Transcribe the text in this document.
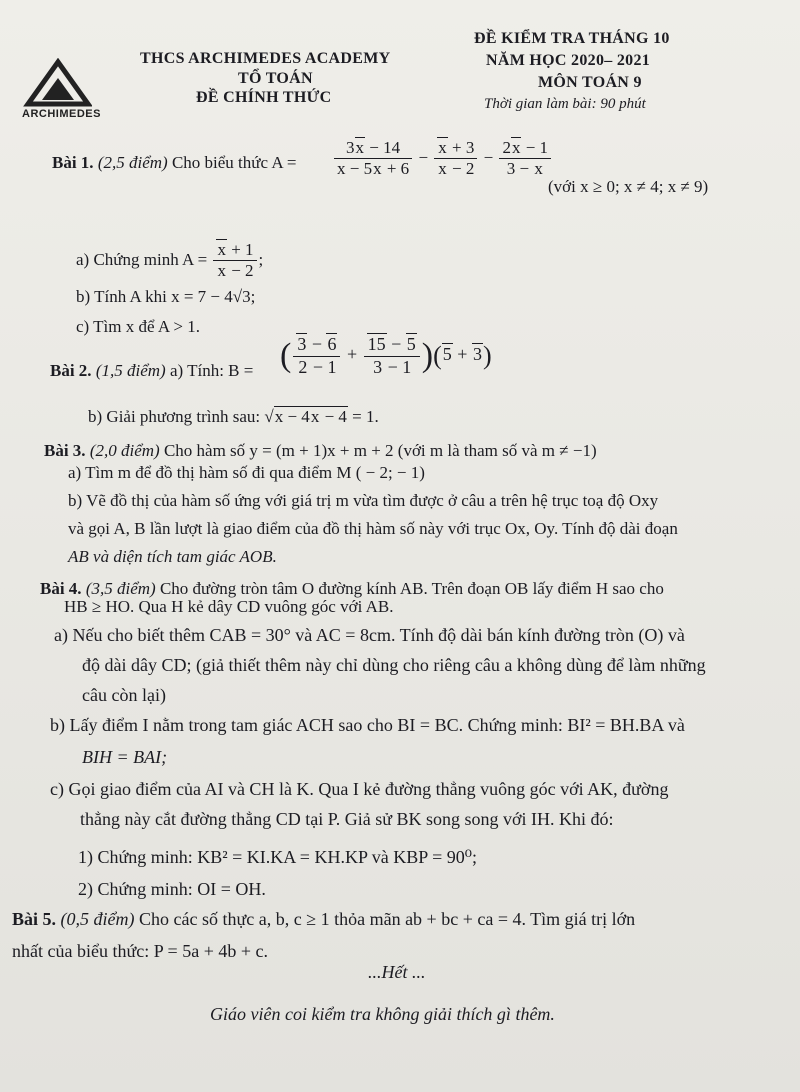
ARCHIMEDES
THCS ARCHIMEDES ACADEMY
TỔ TOÁN
ĐỀ CHÍNH THỨC
ĐỀ KIỂM TRA THÁNG 10
NĂM HỌC 2020– 2021
MÔN TOÁN 9
Thời gian làm bài: 90 phút
Bài 1. (2,5 điểm) Cho biểu thức $A = \frac{3x - 14}{x - 5x + 6} - \frac{x + 3}{x - 2} - \frac{2x - 1}{3 - x}$
(với x ≥ 0; x ≠ 4; x ≠ 9)
a) Chứng minh $A = \frac{x + 1}{x - 2}$ ;
b) Tính A khi x = 7 − 4√3;
c) Tìm x để A > 1.
Bài 2. (1,5 điểm) a) Tính: B = ( $\frac{3 - 6}{2 - 1} + \frac{15 - 5}{3 - 1} )(5 + 3)$
b) Giải phương trình sau: √x − 4x − 4 = 1.
Bài 3. (2,0 điểm) Cho hàm số y = (m + 1)x + m + 2 (với m là tham số và m ≠ −1)
a) Tìm m để đồ thị hàm số đi qua điểm M ( − 2; − 1)
b) Vẽ đồ thị của hàm số ứng với giá trị m vừa tìm được ở câu a trên hệ trục toạ độ Oxy
và gọi A, B lần lượt là giao điểm của đồ thị hàm số này với trục Ox, Oy. Tính độ dài đoạn
AB và diện tích tam giác AOB.
Bài 4. (3,5 điểm) Cho đường tròn tâm O đường kính AB. Trên đoạn OB lấy điểm H sao cho
HB ≥ HO. Qua H kẻ dây CD vuông góc với AB.
a) Nếu cho biết thêm CAB = 30° và AC = 8cm. Tính độ dài bán kính đường tròn (O) và
độ dài dây CD; (giả thiết thêm này chỉ dùng cho riêng câu a không dùng để làm những
câu còn lại)
b) Lấy điểm I nằm trong tam giác ACH sao cho BI = BC. Chứng minh: BI² = BH.BA và
BIH = BAI;
c) Gọi giao điểm của AI và CH là K. Qua I kẻ đường thẳng vuông góc với AK, đường
thẳng này cắt đường thẳng CD tại P. Giả sử BK song song với IH. Khi đó:
1) Chứng minh: KB² = KI.KA = KH.KP và KBP = 90⁰;
2) Chứng minh: OI = OH.
Bài 5. (0,5 điểm) Cho các số thực a, b, c ≥ 1 thỏa mãn ab + bc + ca = 4. Tìm giá trị lớn
nhất của biểu thức: P = 5a + 4b + c.
...Hết ...
Giáo viên coi kiểm tra không giải thích gì thêm.
